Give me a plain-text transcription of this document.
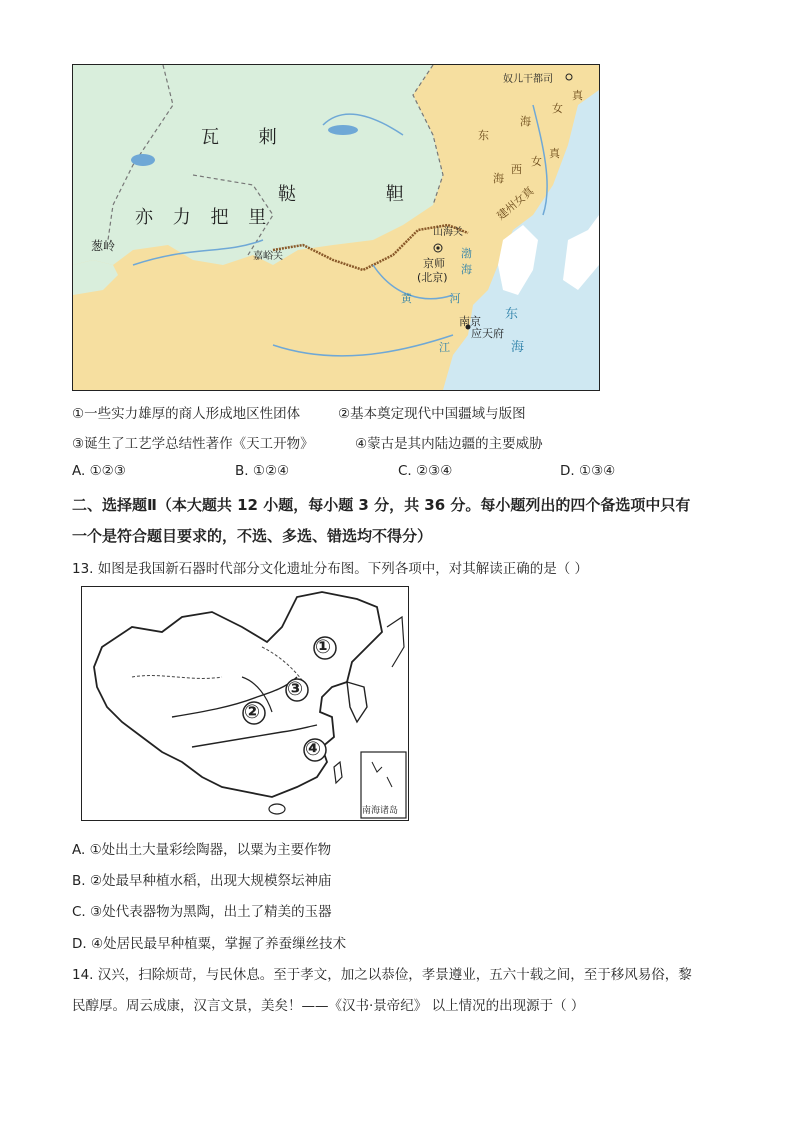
瓦 剌
鞑	靼
亦 力 把 里
葱岭
嘉峪关
山海关
京师
(北京)
南京
应天府
奴儿干都司
东
海
女
真
海
西
女
真
建州女真
渤
海
东
海
黄	河
江
①一些实力雄厚的商人形成地区性团体	②基本奠定现代中国疆域与版图
③诞生了工艺学总结性著作《天工开物》	④蒙古是其内陆边疆的主要威胁
A. ①②③	B. ①②④	C. ②③④	D. ①③④
二、选择题Ⅱ（本大题共 12 小题，每小题 3 分，共 36 分。每小题列出的四个备选项中只有
一个是符合题目要求的，不选、多选、错选均不得分）
13. 如图是我国新石器时代部分文化遗址分布图。下列各项中，对其解读正确的是（ ）
①
②
③
④
南海诸岛
A. ①处出土大量彩绘陶器，以粟为主要作物
B. ②处最早种植水稻，出现大规模祭坛神庙
C. ③处代表器物为黑陶，出土了精美的玉器
D. ④处居民最早种植粟，掌握了养蚕缫丝技术
14. 汉兴，扫除烦苛，与民休息。至于孝文，加之以恭俭，孝景遵业，五六十载之间，至于移风易俗，黎
民醇厚。周云成康，汉言文景，美矣！——《汉书·景帝纪》 以上情况的出现源于（ ）
